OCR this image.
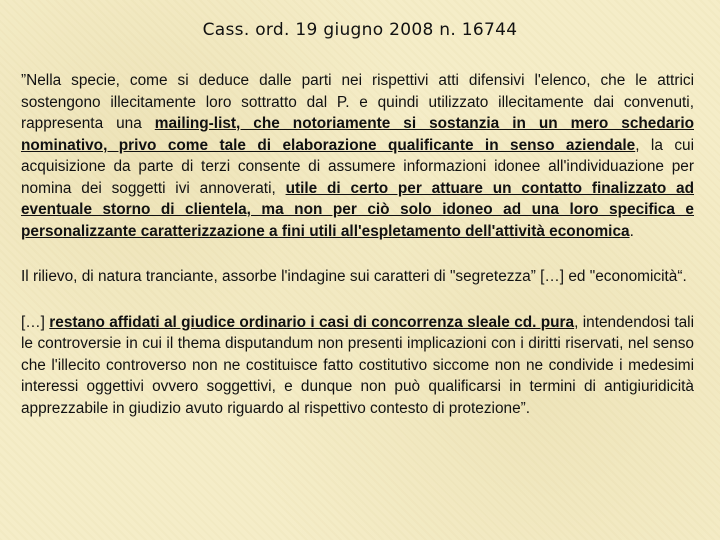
Cass. ord. 19 giugno 2008 n. 16744

”Nella specie, come si deduce dalle parti nei rispettivi atti difensivi l'elenco, che le attrici sostengono illecitamente loro sottratto dal P. e quindi utilizzato illecitamente dai convenuti, rappresenta una mailing-list, che notoriamente si sostanzia in un mero schedario nominativo, privo come tale di elaborazione qualificante in senso aziendale, la cui acquisizione da parte di terzi consente di assumere informazioni idonee all'individuazione per nomina dei soggetti ivi annoverati, utile di certo per attuare un contatto finalizzato ad eventuale storno di clientela, ma non per ciò solo idoneo ad una loro specifica e personalizzante caratterizzazione a fini utili all'espletamento dell'attività economica.

Il rilievo, di natura tranciante, assorbe l'indagine sui caratteri di "segretezza” […] ed "economicità“.

[…] restano affidati al giudice ordinario i casi di concorrenza sleale cd. pura, intendendosi tali le controversie in cui il thema disputandum non presenti implicazioni con i diritti riservati, nel senso che l'illecito controverso non ne costituisce fatto costitutivo siccome non ne condivide i medesimi interessi oggettivi ovvero soggettivi, e dunque non può qualificarsi in termini di antigiuridicità apprezzabile in giudizio avuto riguardo al rispettivo contesto di protezione”.
